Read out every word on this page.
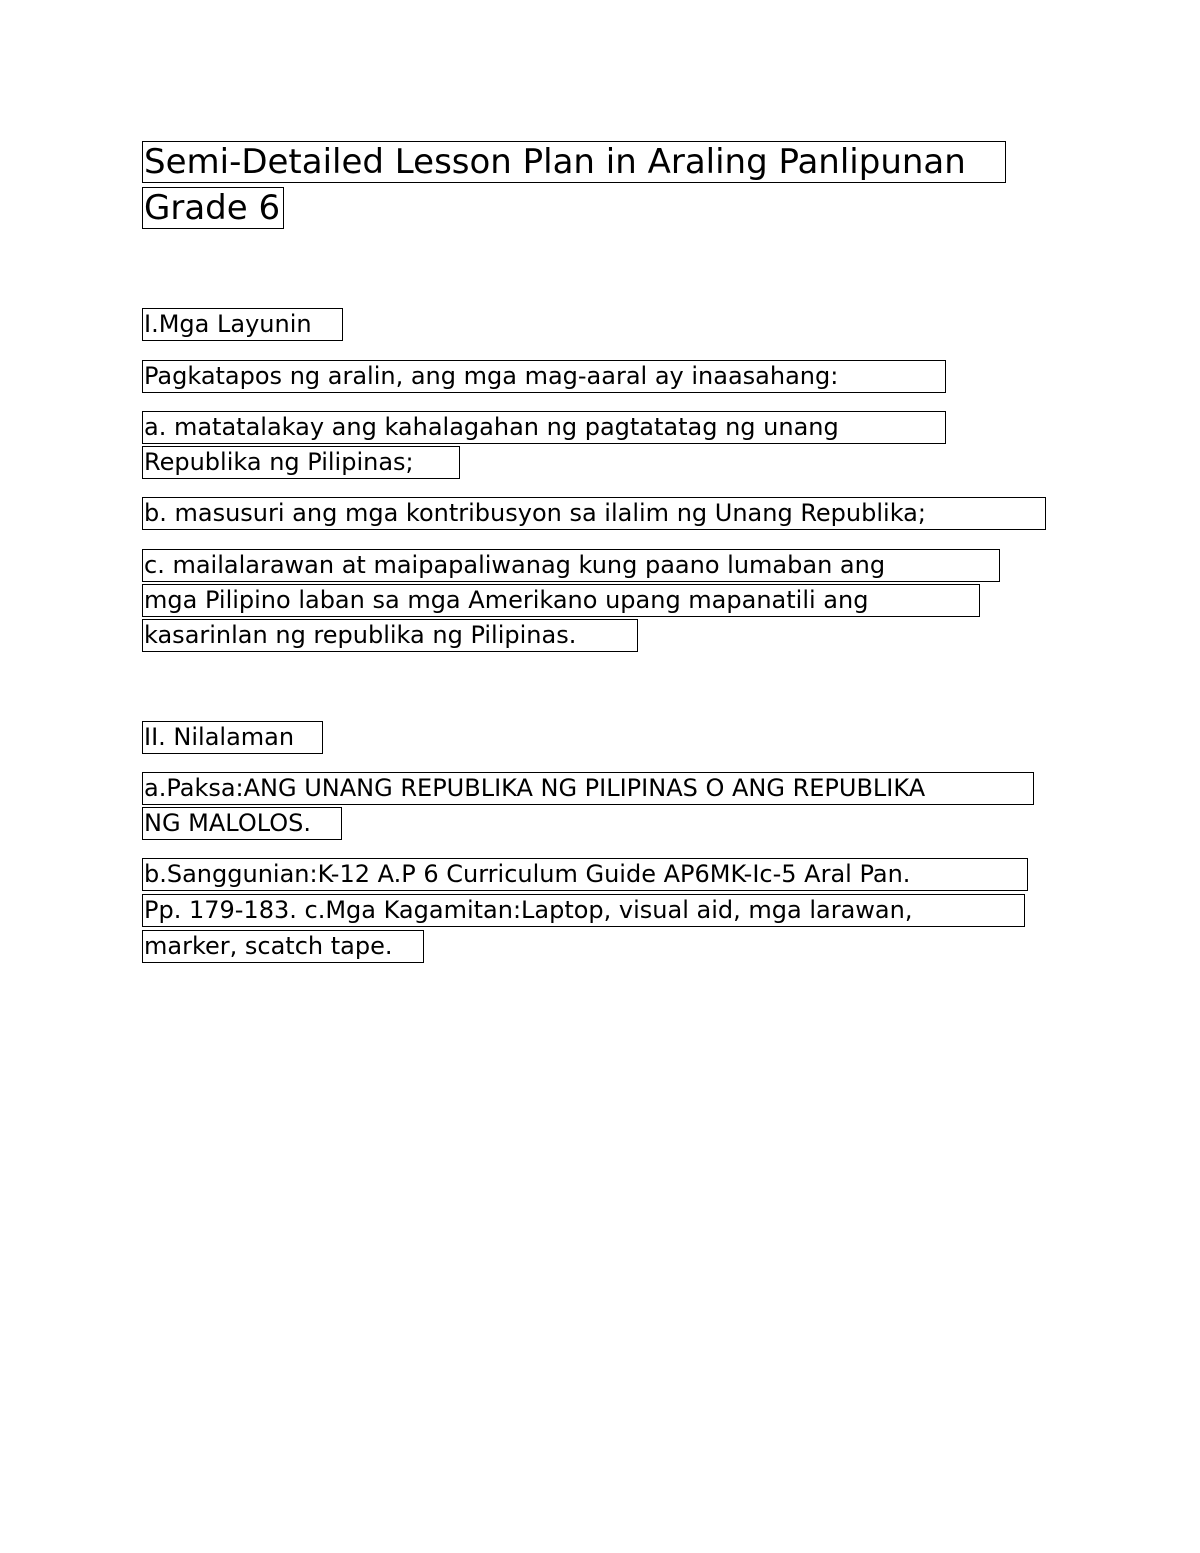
Semi-Detailed Lesson Plan in Araling Panlipunan
Grade 6
I.Mga Layunin
Pagkatapos ng aralin, ang mga mag-aaral ay inaasahang:
a. matatalakay ang kahalagahan ng pagtatatag ng unang
Republika ng Pilipinas;
b. masusuri ang mga kontribusyon sa ilalim ng Unang Republika;
c. mailalarawan at maipapaliwanag kung paano lumaban ang
mga Pilipino laban sa mga Amerikano upang mapanatili ang
kasarinlan ng republika ng Pilipinas.
II. Nilalaman
a.Paksa:ANG UNANG REPUBLIKA NG PILIPINAS O ANG REPUBLIKA
NG MALOLOS.
b.Sanggunian:K-12 A.P 6 Curriculum Guide AP6MK-Ic-5 Aral Pan.
Pp. 179-183. c.Mga Kagamitan:Laptop, visual aid, mga larawan,
marker, scatch tape.
